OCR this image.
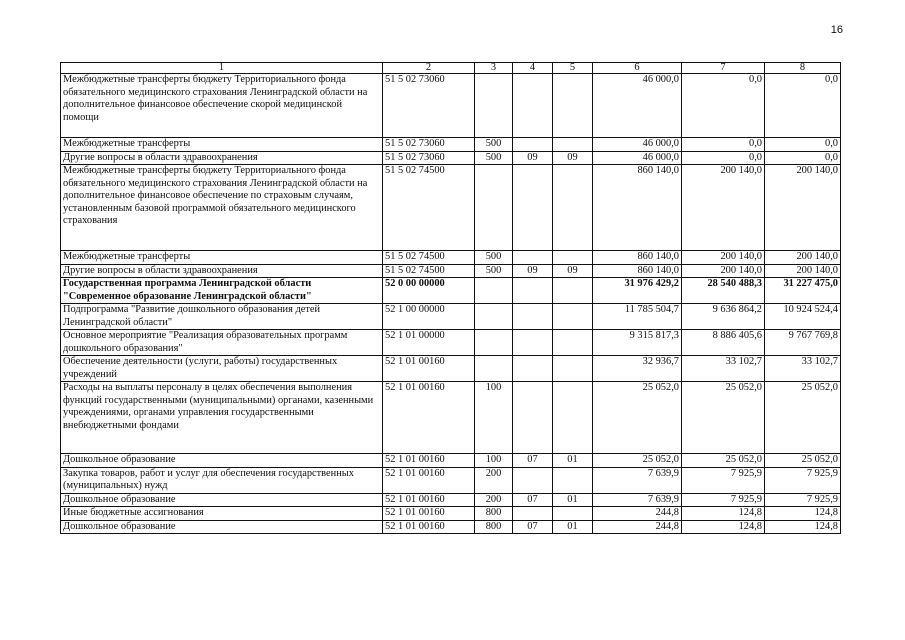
16
1	2	3	4	5	6	7	8
Межбюджетные трансферты бюджету Территориального фонда обязательного медицинского страхования Ленинградской области на дополнительное финансовое обеспечение скорой медицинской помощи	51 5 02 73060				46 000,0	0,0	0,0
Межбюджетные трансферты	51 5 02 73060	500			46 000,0	0,0	0,0
Другие вопросы в области здравоохранения	51 5 02 73060	500	09	09	46 000,0	0,0	0,0
Межбюджетные трансферты бюджету Территориального фонда обязательного медицинского страхования Ленинградской области на дополнительное финансовое обеспечение по страховым случаям, установленным базовой программой обязательного медицинского страхования	51 5 02 74500				860 140,0	200 140,0	200 140,0
Межбюджетные трансферты	51 5 02 74500	500			860 140,0	200 140,0	200 140,0
Другие вопросы в области здравоохранения	51 5 02 74500	500	09	09	860 140,0	200 140,0	200 140,0
Государственная программа Ленинградской области "Современное образование Ленинградской области"	52 0 00 00000				31 976 429,2	28 540 488,3	31 227 475,0
Подпрограмма "Развитие дошкольного образования детей Ленинградской области"	52 1 00 00000				11 785 504,7	9 636 864,2	10 924 524,4
Основное мероприятие "Реализация образовательных программ дошкольного образования"	52 1 01 00000				9 315 817,3	8 886 405,6	9 767 769,8
Обеспечение деятельности (услуги, работы) государственных учреждений	52 1 01 00160				32 936,7	33 102,7	33 102,7
Расходы на выплаты персоналу в целях обеспечения выполнения функций государственными (муниципальными) органами, казенными учреждениями, органами управления государственными внебюджетными фондами	52 1 01 00160	100			25 052,0	25 052,0	25 052,0
Дошкольное образование	52 1 01 00160	100	07	01	25 052,0	25 052,0	25 052,0
Закупка товаров, работ и услуг для обеспечения государственных (муниципальных) нужд	52 1 01 00160	200			7 639,9	7 925,9	7 925,9
Дошкольное образование	52 1 01 00160	200	07	01	7 639,9	7 925,9	7 925,9
Иные бюджетные ассигнования	52 1 01 00160	800			244,8	124,8	124,8
Дошкольное образование	52 1 01 00160	800	07	01	244,8	124,8	124,8
